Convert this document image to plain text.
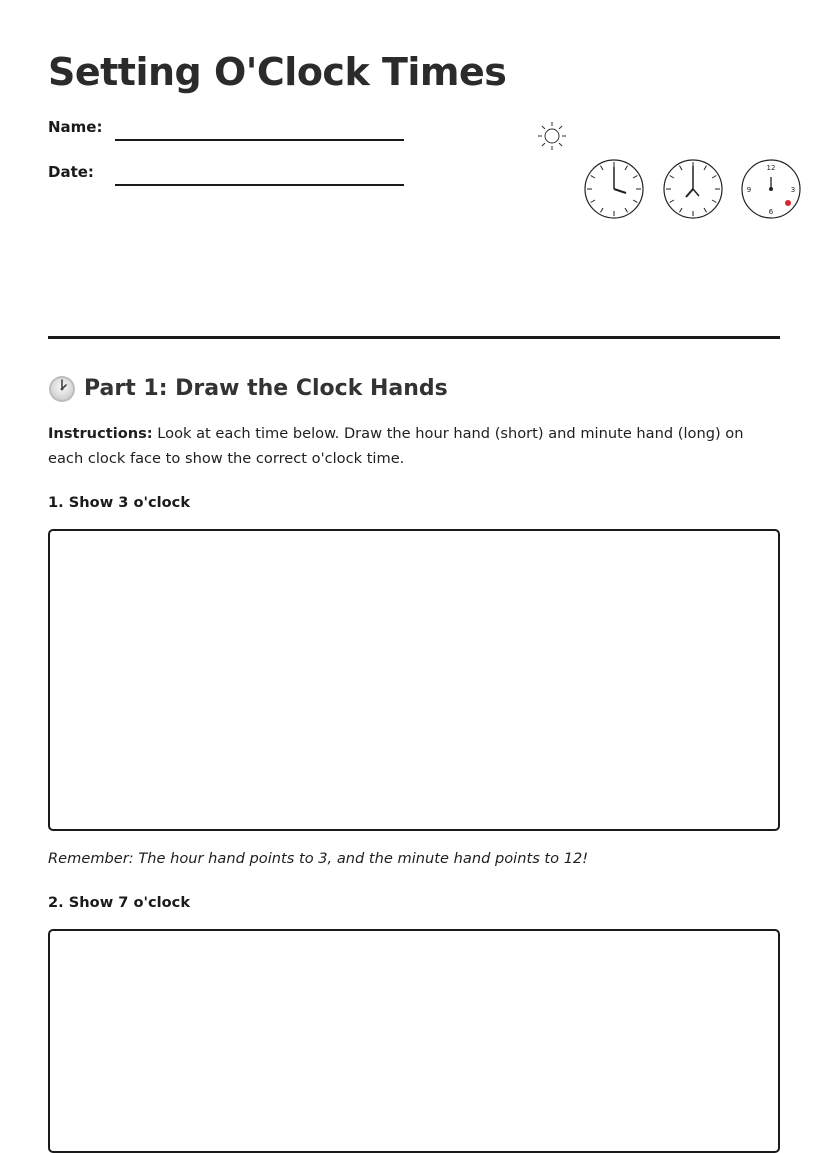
Setting O'Clock Times
Name:
Date:	12
3
6
9
Part 1: Draw the Clock Hands

Instructions: Look at each time below. Draw the hour hand (short) and minute hand (long) on each clock face to show the correct o'clock time.

1. Show 3 o'clock

Remember: The hour hand points to 3, and the minute hand points to 12!

2. Show 7 o'clock
